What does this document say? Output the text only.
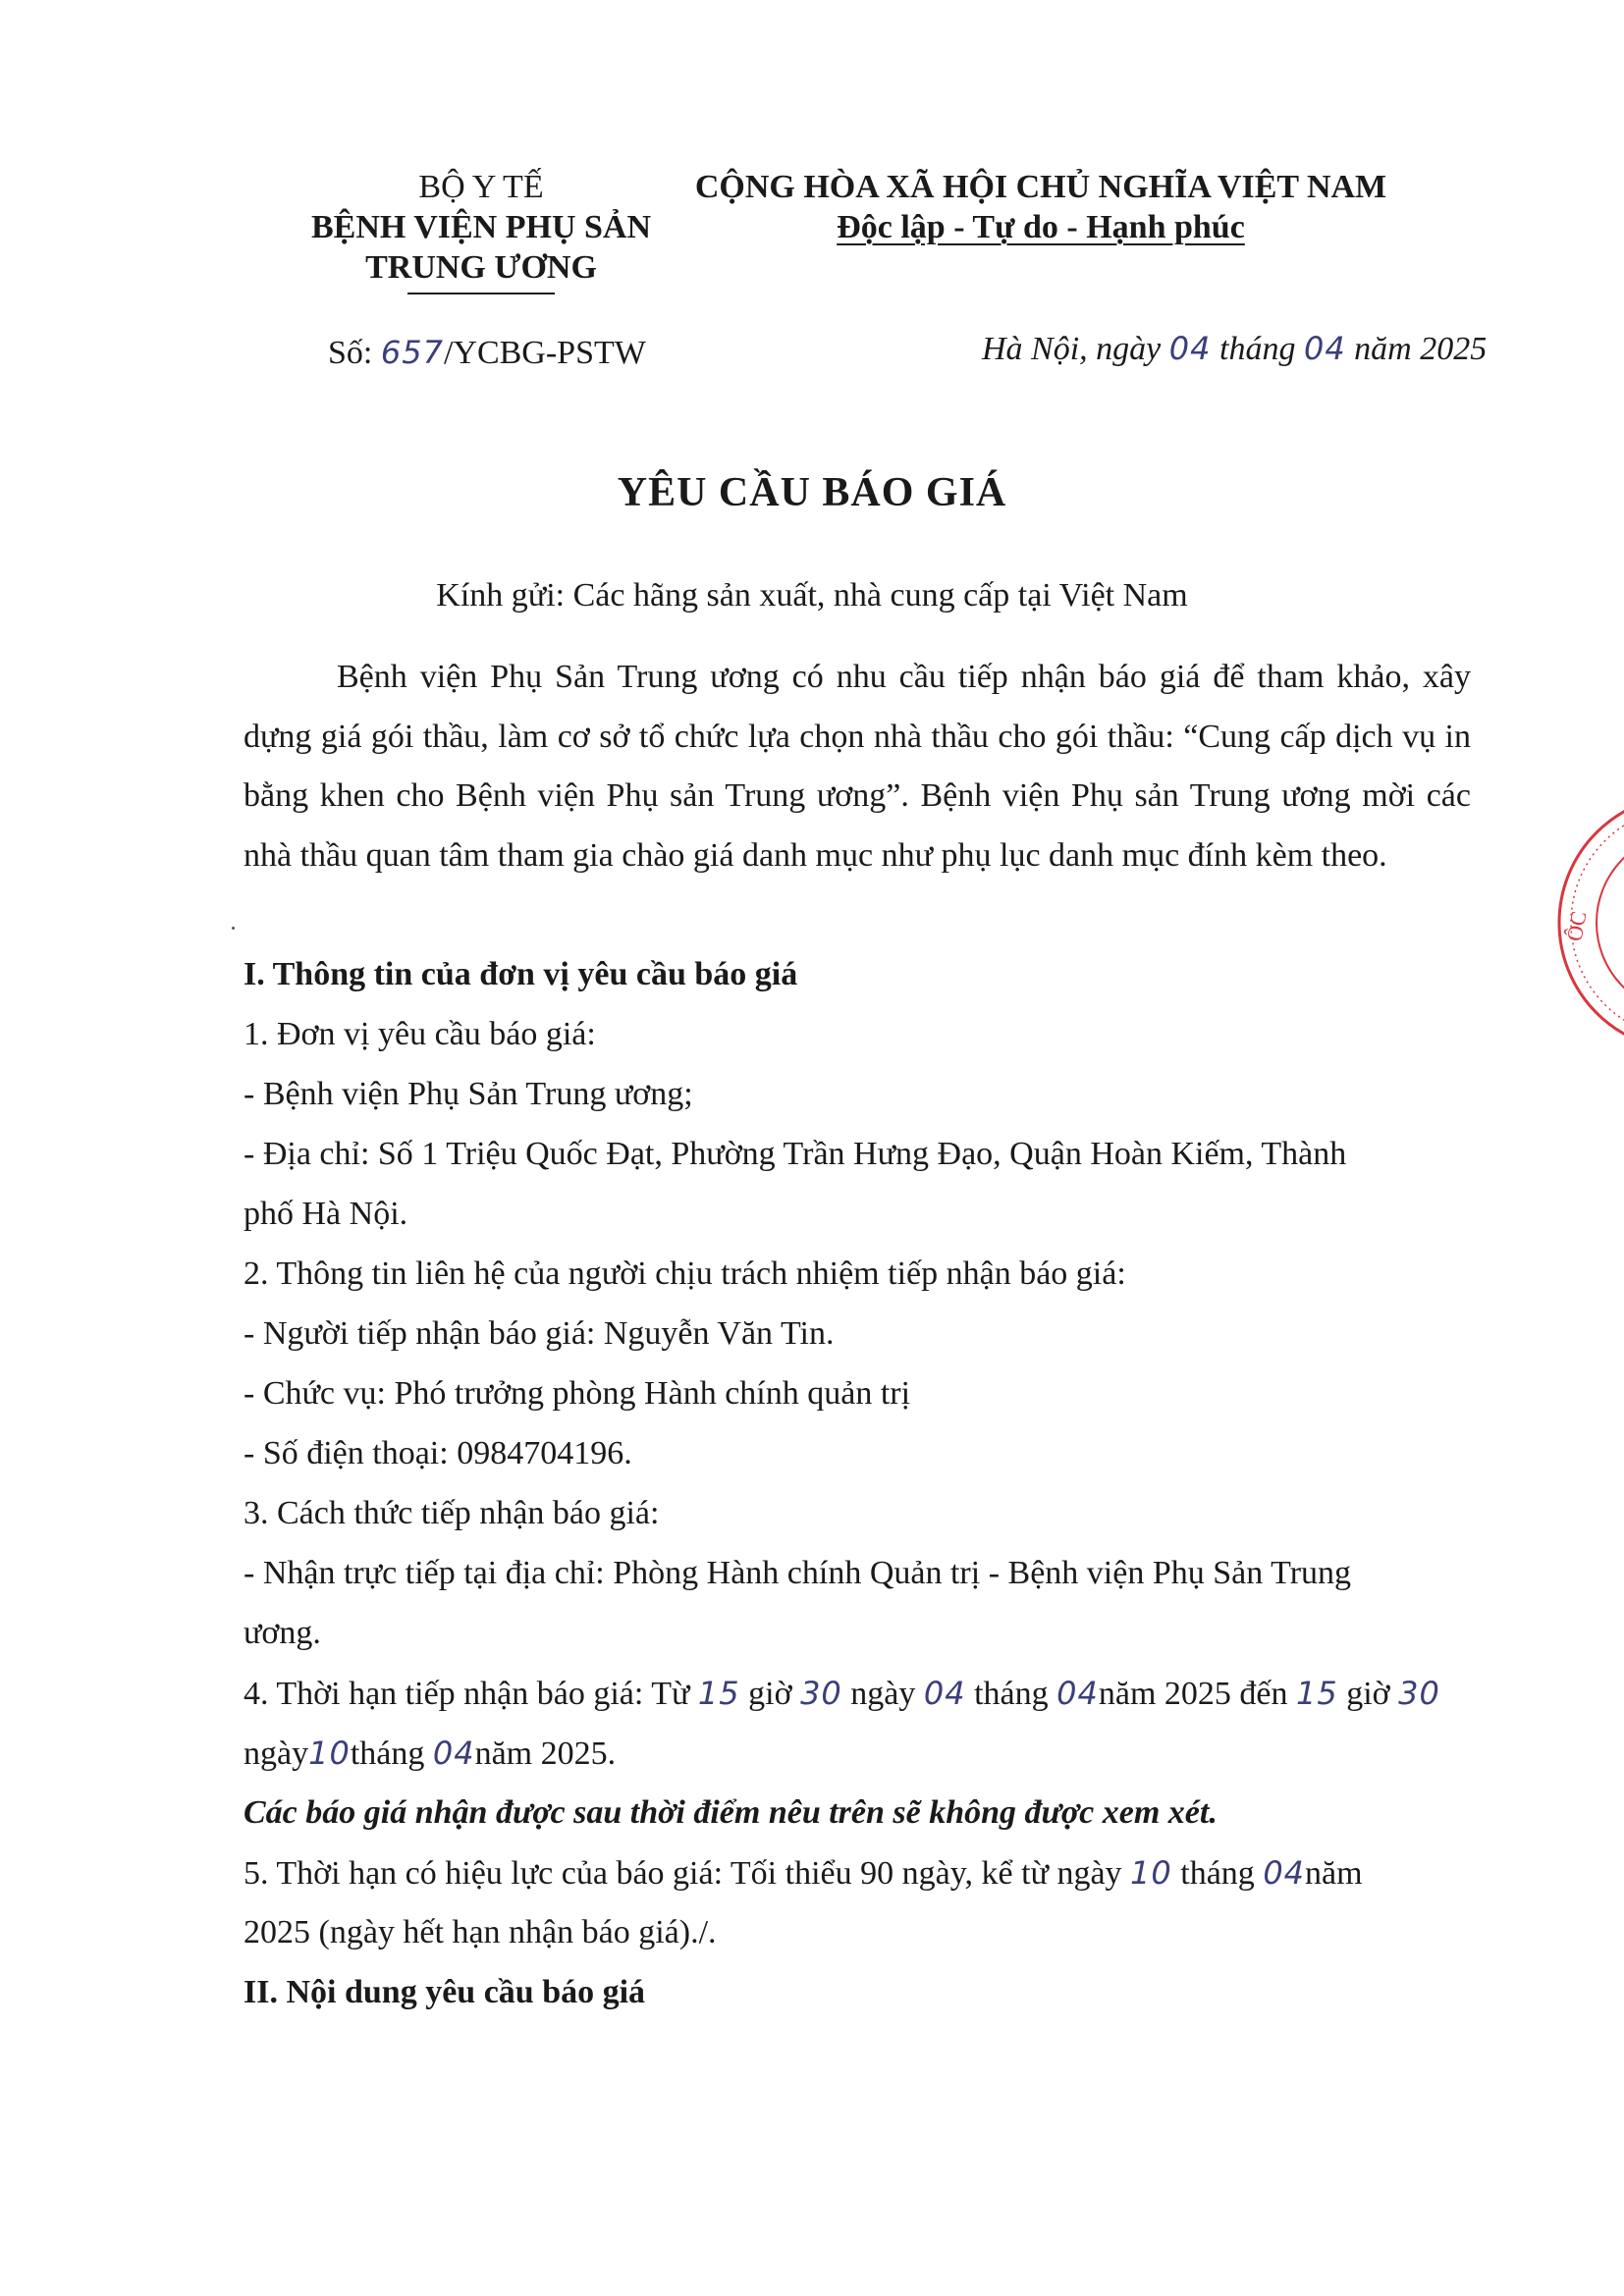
BỘ Y TẾ
BỆNH VIỆN PHỤ SẢN
TRUNG ƯƠNG
CỘNG HÒA XÃ HỘI CHỦ NGHĨA VIỆT NAM
Độc lập - Tự do - Hạnh phúc
Số: 657/YCBG-PSTW	Hà Nội, ngày 04 tháng 04 năm 2025
YÊU CẦU BÁO GIÁ
Kính gửi: Các hãng sản xuất, nhà cung cấp tại Việt Nam

Bệnh viện Phụ Sản Trung ương có nhu cầu tiếp nhận báo giá để tham khảo, xây dựng giá gói thầu, làm cơ sở tổ chức lựa chọn nhà thầu cho gói thầu: “Cung cấp dịch vụ in bằng khen cho Bệnh viện Phụ sản Trung ương”. Bệnh viện Phụ sản Trung ương mời các nhà thầu quan tâm tham gia chào giá danh mục như phụ lục danh mục đính kèm theo.

I. Thông tin của đơn vị yêu cầu báo giá
1. Đơn vị yêu cầu báo giá:
- Bệnh viện Phụ Sản Trung ương;
- Địa chỉ: Số 1 Triệu Quốc Đạt, Phường Trần Hưng Đạo, Quận Hoàn Kiếm, Thành
phố Hà Nội.
2. Thông tin liên hệ của người chịu trách nhiệm tiếp nhận báo giá:
- Người tiếp nhận báo giá: Nguyễn Văn Tin.
- Chức vụ: Phó trưởng phòng Hành chính quản trị
- Số điện thoại: 0984704196.
3. Cách thức tiếp nhận báo giá:
- Nhận trực tiếp tại địa chỉ: Phòng Hành chính Quản trị - Bệnh viện Phụ Sản Trung
ương.
4. Thời hạn tiếp nhận báo giá: Từ 15 giờ 30 ngày 04 tháng 04năm 2025 đến 15 giờ 30
ngày10tháng 04năm 2025.
Các báo giá nhận được sau thời điểm nêu trên sẽ không được xem xét.
5. Thời hạn có hiệu lực của báo giá: Tối thiểu 90 ngày, kể từ ngày 10 tháng 04năm
2025 (ngày hết hạn nhận báo giá)./.
II. Nội dung yêu cầu báo giá
ÔC
